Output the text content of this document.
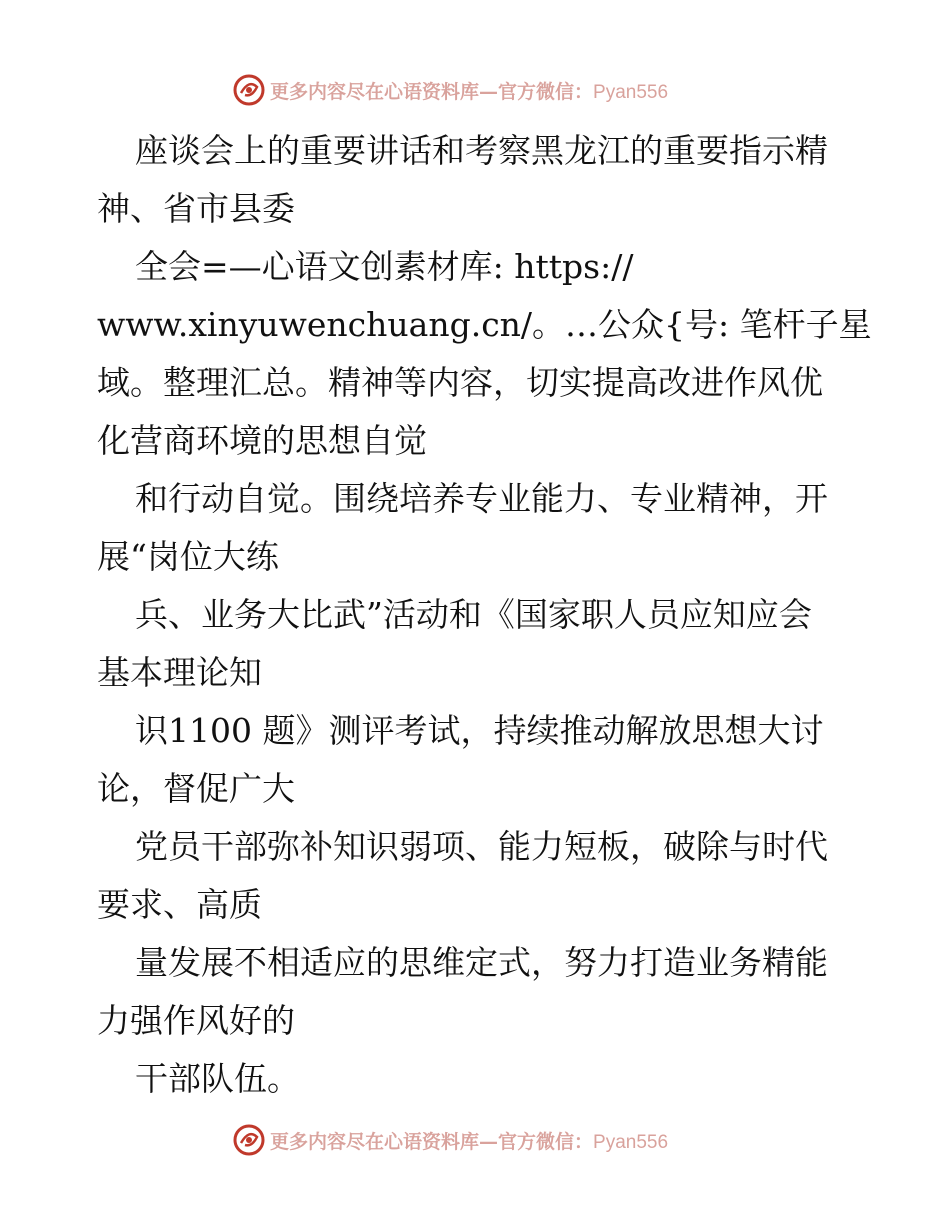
更多内容尽在心语资料库—官方微信：Pyan556
座谈会上的重要讲话和考察黑龙江的重要指示精
神、省市县委
全会=—心语文创素材库: https://
www.xinyuwenchuang.cn/。…公众{号: 笔杆子星
域。整理汇总。精神等内容，切实提高改进作风优
化营商环境的思想自觉
和行动自觉。围绕培养专业能力、专业精神，开
展“岗位大练
兵、业务大比武”活动和《国家职人员应知应会
基本理论知
识1100 题》测评考试，持续推动解放思想大讨
论，督促广大
党员干部弥补知识弱项、能力短板，破除与时代
要求、高质
量发展不相适应的思维定式，努力打造业务精能
力强作风好的
干部队伍。
更多内容尽在心语资料库—官方微信：Pyan556
